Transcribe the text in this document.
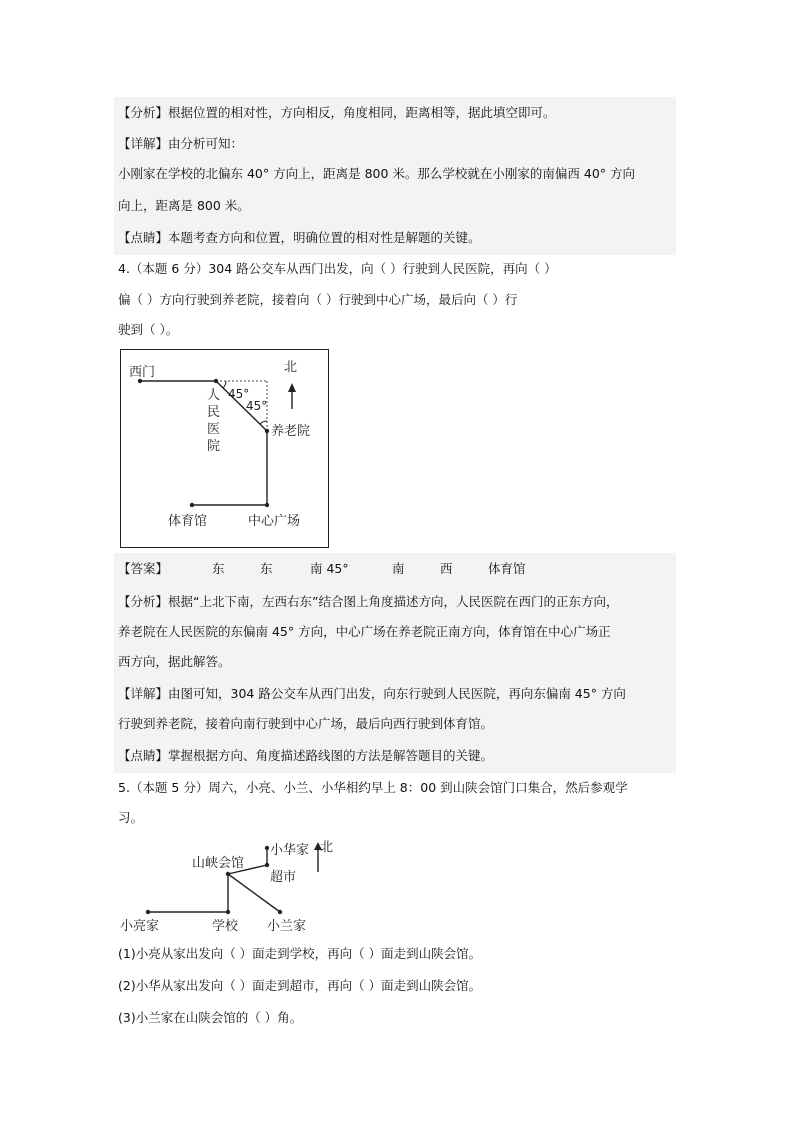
【分析】根据位置的相对性，方向相反，角度相同，距离相等，据此填空即可。
【详解】由分析可知：
小刚家在学校的北偏东 40° 方向上，距离是 800 米。那么学校就在小刚家的南偏西 40° 方向
向上，距离是 800 米。
【点睛】本题考查方向和位置，明确位置的相对性是解题的关键。
4.（本题 6 分）304 路公交车从西门出发，向（ ）行驶到人民医院，再向（ ）
偏（ ）方向行驶到养老院，接着向（ ）行驶到中心广场，最后向（ ）行
驶到（ ）。
西门
人
民
医
院
45°
45°
北
养老院
体育馆	中心广场
【答案】	东	东	南 45°	南	西	体育馆
【分析】根据“上北下南，左西右东”结合图上角度描述方向，人民医院在西门的正东方向，
养老院在人民医院的东偏南 45° 方向，中心广场在养老院正南方向，体育馆在中心广场正
西方向，据此解答。
【详解】由图可知，304 路公交车从西门出发，向东行驶到人民医院，再向东偏南 45° 方向
行驶到养老院，接着向南行驶到中心广场，最后向西行驶到体育馆。
【点睛】掌握根据方向、角度描述路线图的方法是解答题目的关键。
5.（本题 5 分）周六，小亮、小兰、小华相约早上 8：00 到山陕会馆门口集合，然后参观学
习。
山峡会馆
小华家 北
超市
小亮家	学校 小兰家
(1)小亮从家出发向（ ）面走到学校，再向（ ）面走到山陕会馆。
(2)小华从家出发向（ ）面走到超市，再向（ ）面走到山陕会馆。
(3)小兰家在山陕会馆的（ ）角。
